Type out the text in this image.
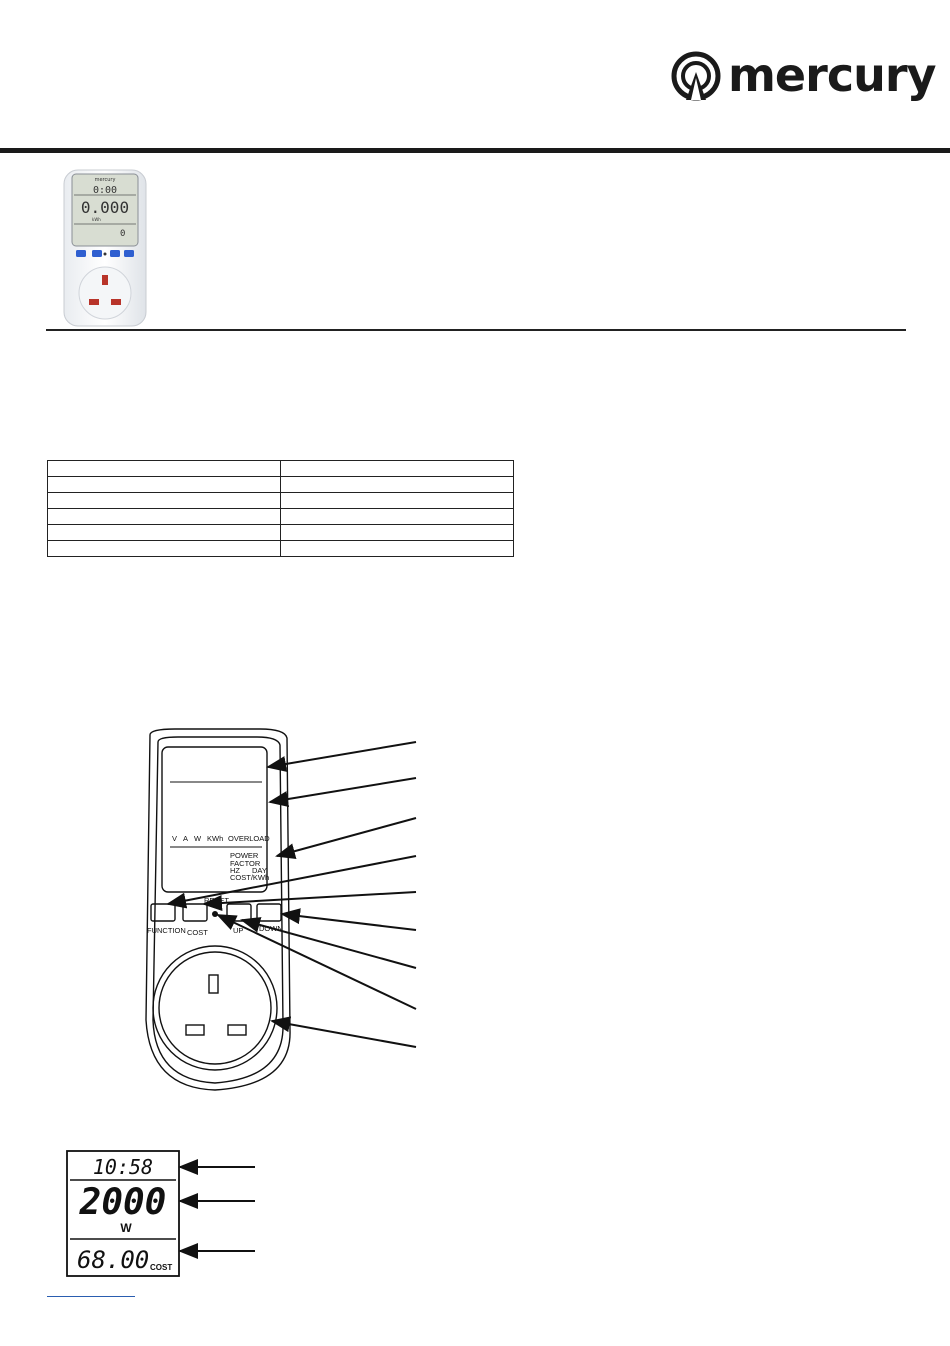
mercury
mercury
0:00
0.000
kWh
0

V A W KWh OVERLOAD
POWER
FACTOR
HZ DAY
COST/KWh
FUNCTION COST
RESET
UP DOWN
10:58
2000
W
68.00 COST
